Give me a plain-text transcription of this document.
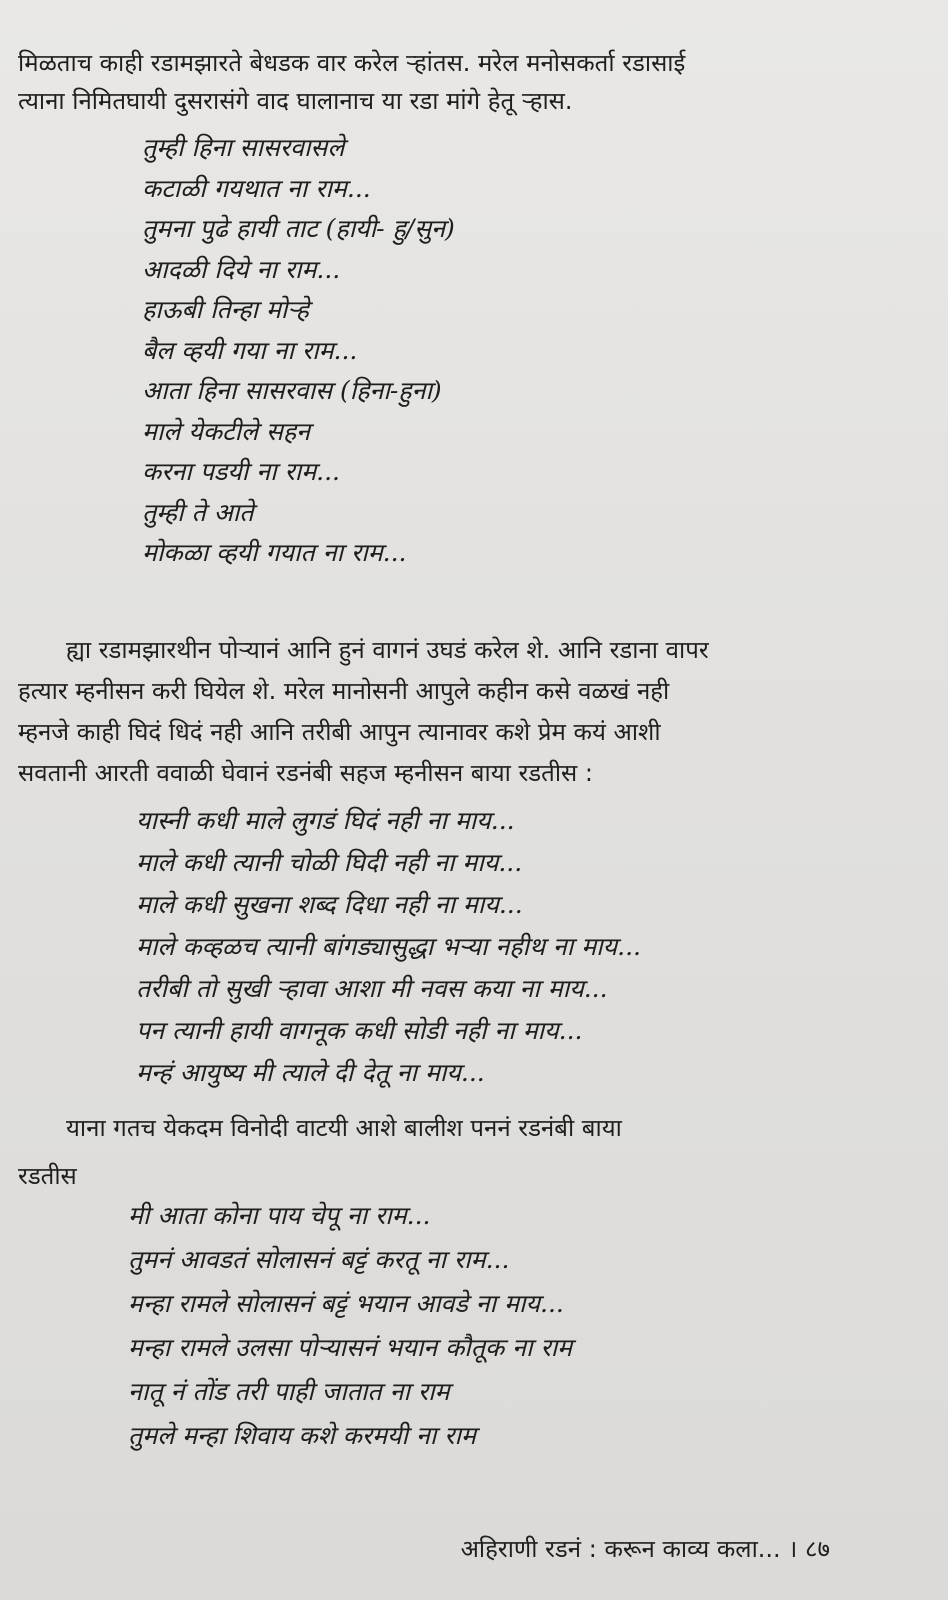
मिळताच काही रडामझारते बेधडक वार करेल ऱ्हांतस. मरेल मनोसकर्ता रडासाई
त्याना निमितघायी दुसरासंगे वाद घालानाच या रडा मांगे हेतू ऱ्हास.
तुम्ही हिना सासरवासले
कटाळी गयथात ना राम...
तुमना पुढे हायी ताट (हायी- हु/सुन)
आदळी दिये ना राम...
हाऊबी तिन्हा मोऱ्हे
बैल व्हयी गया ना राम...
आता हिना सासरवास (हिना-हुना)
माले येकटीले सहन
करना पडयी ना राम...
तुम्ही ते आते
मोकळा व्हयी गयात ना राम...
ह्या रडामझारथीन पोऱ्यानं आनि हुनं वागनं उघडं करेल शे. आनि रडाना वापर
हत्यार म्हनीसन करी घियेल शे. मरेल मानोसनी आपुले कहीन कसे वळखं नही
म्हनजे काही घिदं धिदं नही आनि तरीबी आपुन त्यानावर कशे प्रेम कयं आशी
सवतानी आरती ववाळी घेवानं रडनंबी सहज म्हनीसन बाया रडतीस :
यास्नी कधी माले लुगडं घिदं नही ना माय...
माले कधी त्यानी चोळी घिदी नही ना माय...
माले कधी सुखना शब्द दिधा नही ना माय...
माले कव्हळच त्यानी बांगड्यासुद्धा भऱ्या नहीथ ना माय...
तरीबी तो सुखी ऱ्हावा आशा मी नवस कया ना माय...
पन त्यानी हायी वागनूक कधी सोडी नही ना माय...
मन्हं आयुष्य मी त्याले दी देतू ना माय...
याना गतच येकदम विनोदी वाटयी आशे बालीश पननं रडनंबी बाया
रडतीस
मी आता कोना पाय चेपू ना राम...
तुमनं आवडतं सोलासनं बट्टं करतू ना राम...
मन्हा रामले सोलासनं बट्टं भयान आवडे ना माय...
मन्हा रामले उलसा पोऱ्यासनं भयान कौतूक ना राम
नातू नं तोंड तरी पाही जातात ना राम
तुमले मन्हा शिवाय कशे करमयी ना राम
अहिराणी रडनं : करून काव्य कला... । ८७
